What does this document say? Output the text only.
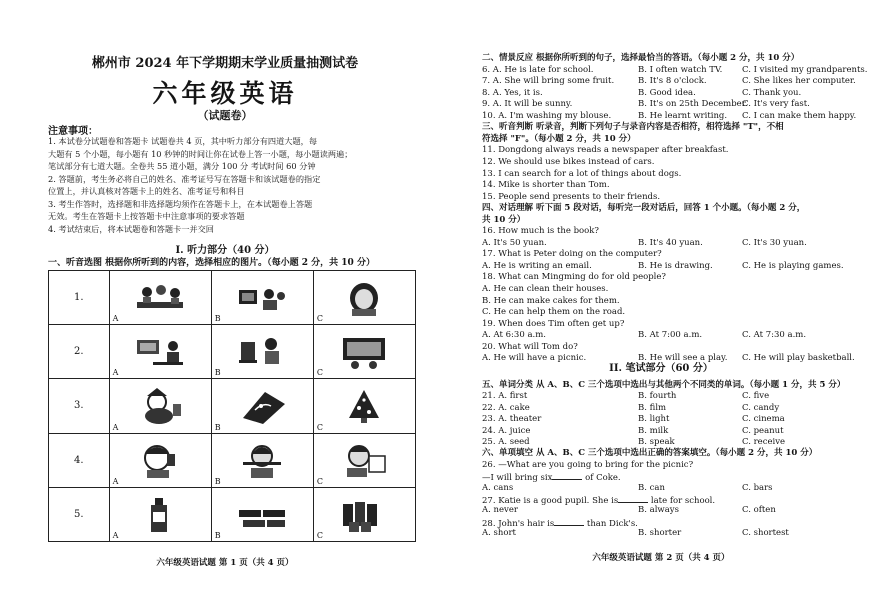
郴州市 2024 年下学期期末学业质量抽测试卷
六年级英语
（试题卷）
注意事项：
1. 本试卷分试题卷和答题卡 试题卷共 4 页，其中听力部分有四道大题，每
大题有 5 个小题，每小题有 10 秒钟的时间让你在试卷上答一小题，每小题读两遍；
笔试部分有七道大题。全卷共 55 道小题，满分 100 分 考试时间 60 分钟
2. 答题前，考生务必将自己的姓名、准考证号写在答题卡和该试题卷的指定
位置上，并认真核对答题卡上的姓名、准考证号和科目
3. 考生作答时，选择题和非选择题均须作在答题卡上，在本试题卷上答题
无效。考生在答题卡上按答题卡中注意事项的要求答题
4. 考试结束后，将本试题卷和答题卡一并交回
I. 听力部分（40 分）
一、听音选图 根据你所听到的内容，选择相应的图片。（每小题 2 分，共 10 分）
1.	A	B	C

2.	A	B	C

3.	A	B	C

4.	A	B	C

5.	A	B	C
六年级英语试题 第 1 页（共 4 页）
二、情景反应 根据你所听到的句子，选择最恰当的答语。（每小题 2 分，共 10 分）
6. A. He is late for school.	B. I often watch TV. C. I visited my grandparents.
7. A. She will bring some fruit.	B. It's 8 o'clock.	C. She likes her computer.
8. A. Yes, it is.	B. Good idea.	C. Thank you.
9. A. It will be sunny.	B. It's on 25th December.
C. It's very fast.
10. A. I'm washing my blouse.	B. He learnt writing. C. I can make them happy.
三、听音判断 听录音，判断下列句子与录音内容是否相符，相符选择 "T"，不相
符选择 "F"。（每小题 2 分，共 10 分）
11. Dongdong always reads a newspaper after breakfast.
12. We should use bikes instead of cars.
13. I can search for a lot of things about dogs.
14. Mike is shorter than Tom.
15. People send presents to their friends.
四、对话理解 听下面 5 段对话，每听完一段对话后，回答 1 个小题。（每小题 2 分，
共 10 分）
16. How much is the book?
A. It's 50 yuan.	B. It's 40 yuan.	C. It's 30 yuan.
17. What is Peter doing on the computer?
A. He is writing an email.	B. He is drawing.	C. He is playing games.
18. What can Mingming do for old people?
A. He can clean their houses.
B. He can make cakes for them.
C. He can help them on the road.
19. When does Tim often get up?
A. At 6:30 a.m.	B. At 7:00 a.m.	C. At 7:30 a.m.
20. What will Tom do?
A. He will have a picnic.	B. He will see a play. C. He will play basketball.
II. 笔试部分（60 分）
五、单词分类 从 A、B、C 三个选项中选出与其他两个不同类的单词。（每小题 1 分，共 5 分）
21. A. first	B. fourth	C. five
22. A. cake	B. film	C. candy
23. A. theater	B. light	C. cinema
24. A. juice	B. milk	C. peanut
25. A. seed	B. speak	C. receive
六、单项填空 从 A、B、C 三个选项中选出正确的答案填空。（每小题 2 分，共 10 分）
26. —What are you going to bring for the picnic?
—I will bring six	of Coke.
A. cans	B. can	C. bars
27. Katie is a good pupil. She is	late for school.
A. never	B. always	C. often
28. John's hair is	than Dick's.
A. short	B. shorter	C. shortest
六年级英语试题 第 2 页（共 4 页）
